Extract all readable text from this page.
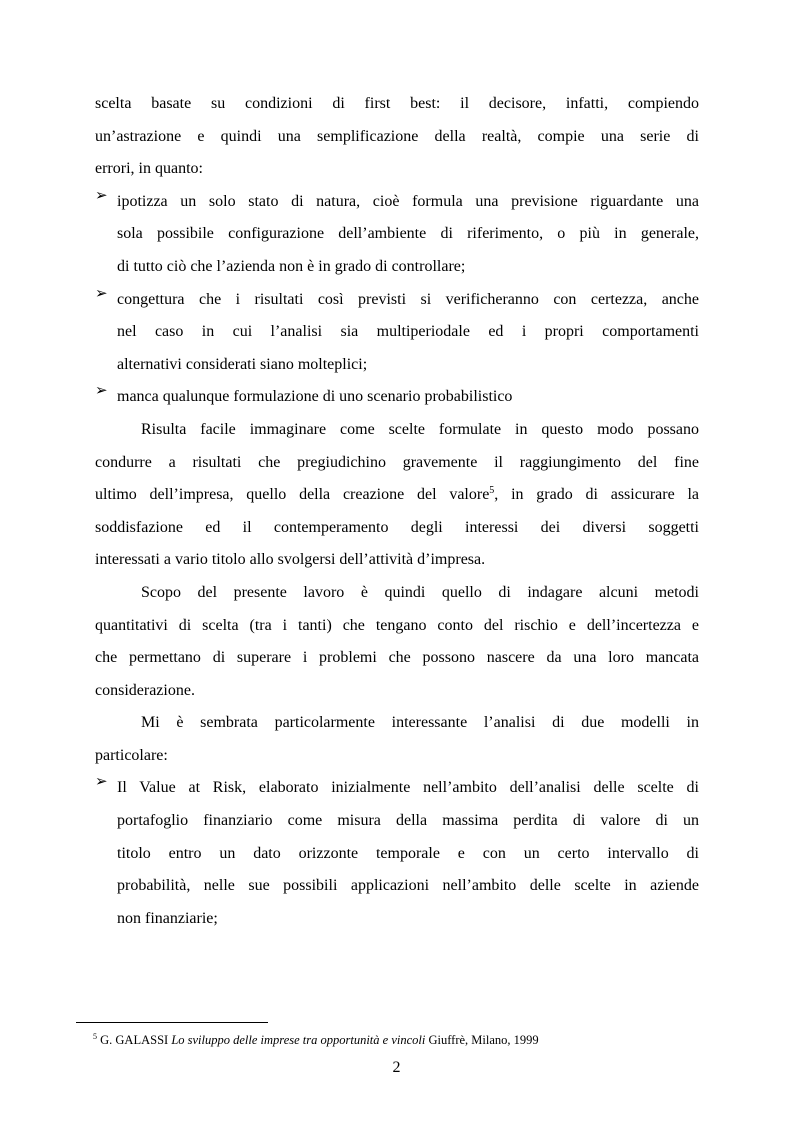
scelta basate su condizioni di first best: il decisore, infatti, compiendo

un’astrazione e quindi una semplificazione della realtà, compie una serie di

errori, in quanto:

➢ ipotizza un solo stato di natura, cioè formula una previsione riguardante una

sola possibile configurazione dell’ambiente di riferimento, o più in generale,

di tutto ciò che l’azienda non è in grado di controllare;

➢ congettura che i risultati così previsti si verificheranno con certezza, anche

nel caso in cui l’analisi sia multiperiodale ed i propri comportamenti

alternativi considerati siano molteplici;

➢ manca qualunque formulazione di uno scenario probabilistico

Risulta facile immaginare come scelte formulate in questo modo possano

condurre a risultati che pregiudichino gravemente il raggiungimento del fine

ultimo dell’impresa, quello della creazione del valore$^5$, in grado di assicurare la

soddisfazione ed il contemperamento degli interessi dei diversi soggetti

interessati a vario titolo allo svolgersi dell’attività d’impresa.

Scopo del presente lavoro è quindi quello di indagare alcuni metodi

quantitativi di scelta (tra i tanti) che tengano conto del rischio e dell’incertezza e

che permettano di superare i problemi che possono nascere da una loro mancata

considerazione.

Mi è sembrata particolarmente interessante l’analisi di due modelli in

particolare:

➢ Il Value at Risk, elaborato inizialmente nell’ambito dell’analisi delle scelte di

portafoglio finanziario come misura della massima perdita di valore di un

titolo entro un dato orizzonte temporale e con un certo intervallo di

probabilità, nelle sue possibili applicazioni nell’ambito delle scelte in aziende

non finanziarie;

$^5$ G. GALASSI Lo sviluppo delle imprese tra opportunità e vincoli Giuffrè, Milano, 1999
2
